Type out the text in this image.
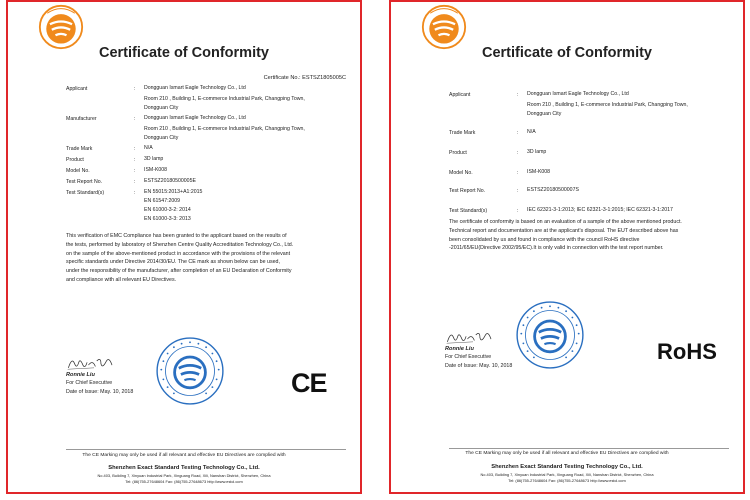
Certificate of Conformity
Certificate No.: ESTSZ1805005C
Applicant	: Dongguan Ismart Eagle Technology Co., Ltd
Room 210 , Building 1, E-commerce Industrial Park, Changping Town,
Dongguan City
Manufacturer	: Dongguan Ismart Eagle Technology Co., Ltd
Room 210 , Building 1, E-commerce Industrial Park, Changping Town,
Dongguan City
Trade Mark	: N/A
Product	: 3D lamp
Model No.	: ISM-K008
Test Report No.	: ESTSZ20180500005E
Test Standard(s)	: EN 55015:2013+A1:2015
EN 61547:2009
EN 61000-3-2: 2014
EN 61000-3-3: 2013
This verification of EMC Compliance has been granted to the applicant based on the results of
the tests, performed by laboratory of Shenzhen Centre Quality Accreditation Technology Co., Ltd.
on the sample of the above-mentioned product in accordance with the provisions of the relevant
specific standards under Directive 2014/30/EU. The CE mark as shown below can be used,
under the responsibility of the manufacturer, after completion of an EU Declaration of Conformity
and compliance with all relevant EU Directives.
Ronnie Liu
For Chief Executive
Date of Issue: May. 10, 2018	CE
The CE Marking may only be used if all relevant and effective EU Directives are complied with
Shenzhen Exact Standard Testing Technology Co., Ltd.
No.403, Building 7, Xinyuan Industrial Park, Xinguang Road, Xili, Nanshan District, Shenzhen, China
Tel: (86)755-27648604 Fax: (86)755-27648673 http://www.estcl.com
Certificate of Conformity
Applicant	: Dongguan Ismart Eagle Technology Co., Ltd
Room 210 , Building 1, E-commerce Industrial Park, Changping Town,
Dongguan City
Trade Mark	: N/A
Product	: 3D lamp
Model No.	: ISM-K008
Test Report No.	: ESTSZ20180500007S
Test Standard(s)	: IEC 62321-3-1:2013; IEC 62321-3-1:2015; IEC 62321-3-1:2017
The certificate of conformity is based on an evaluation of a sample of the above mentioned product.
Technical report and documentation are at the applicant's disposal. The EUT described above has
been consolidated by us and found in compliance with the council RoHS directive
-2011/65/EU(Directive 2002/95/EC).It is only valid in connection with the test report number.
Ronnie Liu
For Chief Executive
Date of Issue: May. 10, 2018
RoHS
The CE Marking may only be used if all relevant and effective EU Directives are complied with
Shenzhen Exact Standard Testing Technology Co., Ltd.
No.403, Building 7, Xinyuan Industrial Park, Xinguang Road, Xili, Nanshan District, Shenzhen, China
Tel: (86)755-27648604 Fax: (86)755-27648673 http://www.estcl.com
